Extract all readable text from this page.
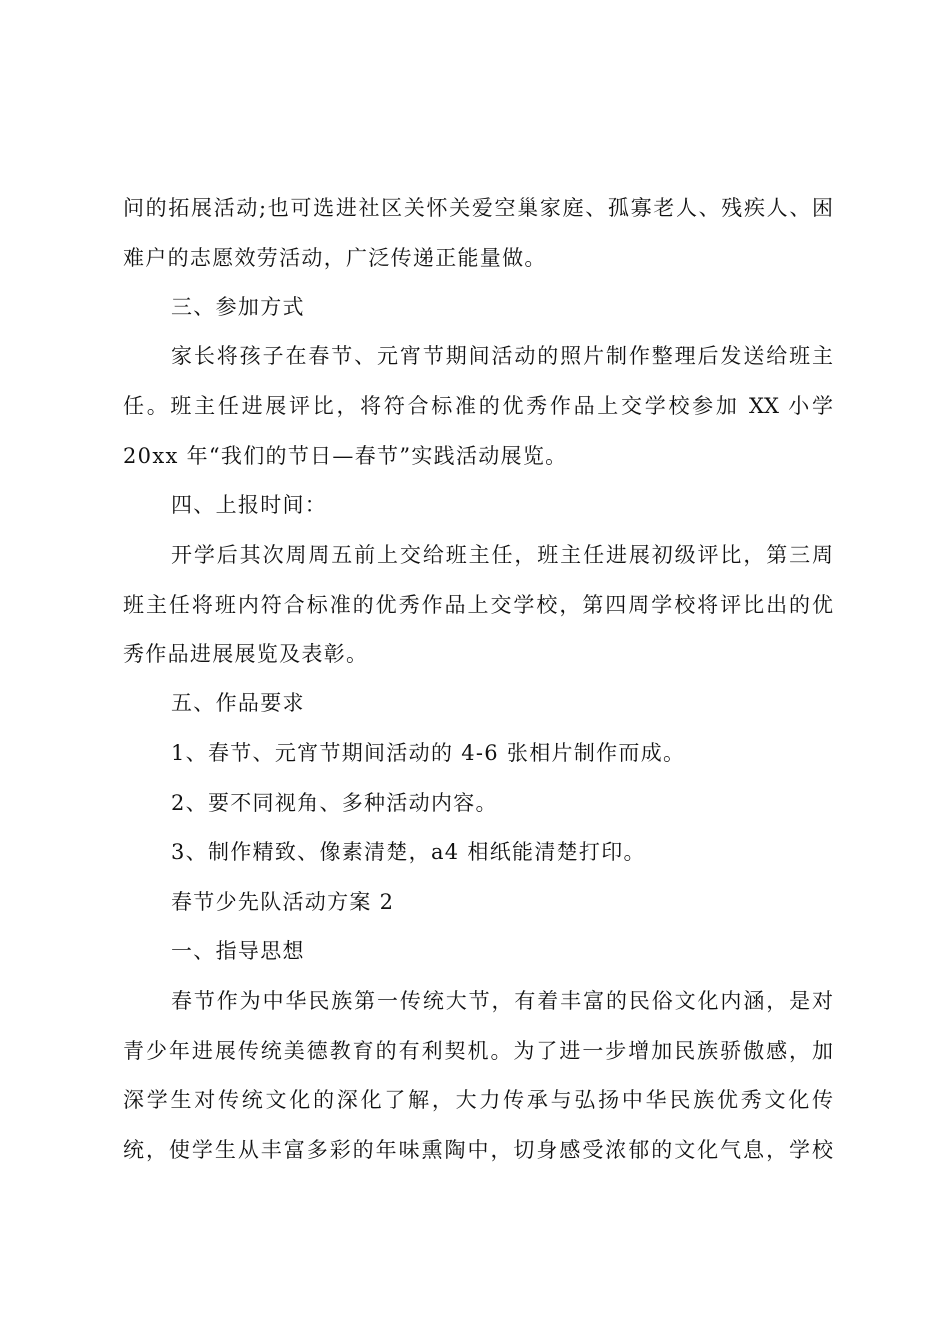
问的拓展活动;也可选进社区关怀关爱空巢家庭、孤寡老人、残疾人、困
难户的志愿效劳活动，广泛传递正能量做。
三、参加方式
家长将孩子在春节、元宵节期间活动的照片制作整理后发送给班主
任。班主任进展评比，将符合标准的优秀作品上交学校参加 XX 小学
20xx 年“我们的节日—春节”实践活动展览。
四、上报时间：
开学后其次周周五前上交给班主任，班主任进展初级评比，第三周
班主任将班内符合标准的优秀作品上交学校，第四周学校将评比出的优
秀作品进展展览及表彰。
五、作品要求
1、春节、元宵节期间活动的 4-6 张相片制作而成。
2、要不同视角、多种活动内容。
3、制作精致、像素清楚，a4 相纸能清楚打印。
春节少先队活动方案 2
一、指导思想
春节作为中华民族第一传统大节，有着丰富的民俗文化内涵，是对
青少年进展传统美德教育的有利契机。为了进一步增加民族骄傲感，加
深学生对传统文化的深化了解，大力传承与弘扬中华民族优秀文化传
统，使学生从丰富多彩的年味熏陶中，切身感受浓郁的文化气息，学校
